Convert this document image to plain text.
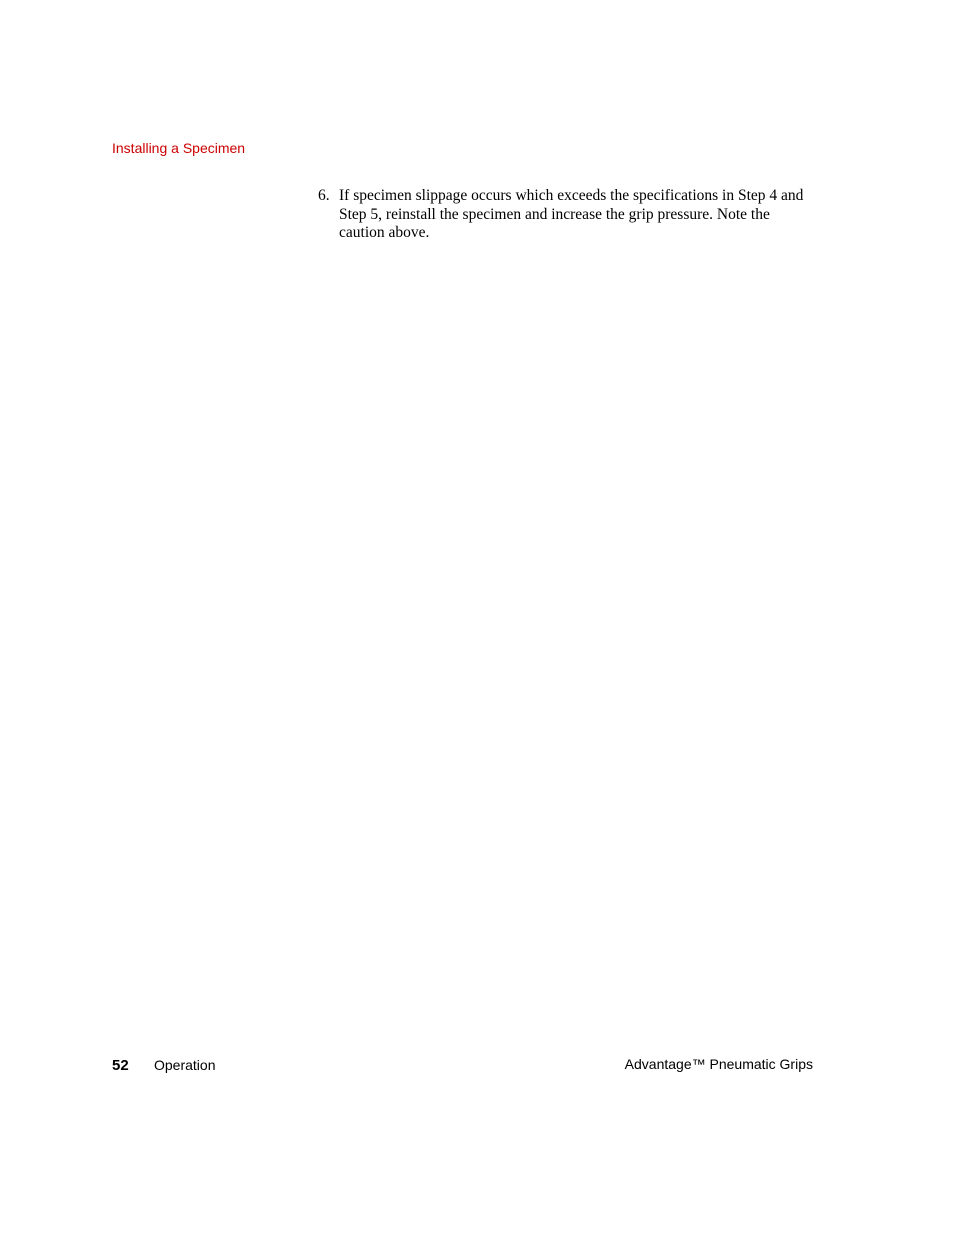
Installing a Specimen
6. If specimen slippage occurs which exceeds the specifications in Step 4 and Step 5, reinstall the specimen and increase the grip pressure. Note the caution above.
52 Operation	Advantage™ Pneumatic Grips
